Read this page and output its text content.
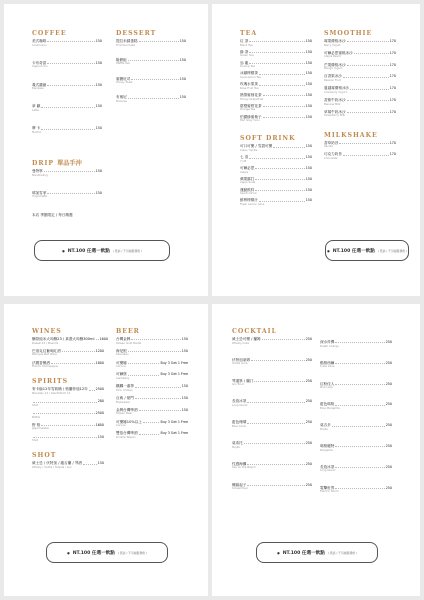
COFFEE
美式咖啡	150
Americano
卡布奇諾	150
Cappuccino
義式濃縮	150
Espresso
拿 鐵	150
Latte
摩 卡	150
Mocha
DRIP 單品手沖
曼特寧	150
Mandheling
耶加雪菲	150
Yirgacheffe
本店 季節限定 / 每日精選
DESSERT
提拉米蘇蛋糕	150
Tiramisu Cake
鬆餅組	150
Waffle Set
蜜糖吐司	150
Honey Toast
布朗尼	150
Brownie
● NT.100 任選一飲點 ( 低消 / 不另收服務費 )
TEA
紅 茶	150
Black Tea
綠 茶	150
Green Tea
烏 龍	150
Oolong Tea
冰鎮檸檬茶	150
Iced Lemon Tea
玫瑰水果茶	150
Rose Fruit Tea
熱情蜜柚花茶	150
Honey Grapefruit
甜橙蜜柑花茶	150
Orange Tea
伯爵蜂蜜柚子	150
Earl Grey Yuzu
SOFT DRINK
可口可樂 / 雪碧可樂	150
Coke / Sprite
七 喜	150
7-UP
可爾必思	150
Calpis
蘋果蘇打	150
Apple Soda
運動飲料	150
Sports Drink
鮮榨檸檬汁	150
Fresh Lemon Juice
SMOOTHIE
莓果優格冰沙	170
Berry Yogurt
可爾必思蜜桃冰沙	170
Calpis Peach
芒果優格冰沙	170
Mango Yogurt
百香果冰沙	170
Passion Fruit
蔓越莓優格冰沙	170
Cranberry Yogurt
香蕉牛奶冰沙	170
Banana Milk
草莓牛奶冰沙	170
Strawberry Milk
MILKSHAKE
香草奶昔	170
Vanilla
巧克力奶昔	170
Chocolate
● NT.100 任選一飲點 ( 低消 / 不另收服務費 )
WINES
獺祭純米大吟醸23 / 真澄大吟醸300ml 1600
Dassai 23 / Masumi
巴洛克紅葡萄紅酒	1200
Baroque Red Wine
法國香檳酒	1800
French Champagne
SPIRITS
麥卡倫12年雪莉桶 / 格蘭菲迪12年 2500
Macallan 12 / Glenfiddich 12
280
Shot
2500
Bottle
野 格	1600
Jagermeister
150
Shot
SHOT
威士忌 / 伏特加 / 龍舌蘭 / 琴酒	150
Whisky / Vodka / Tequila / Gin
BEER
台灣金牌	150
Taiwan Gold Medal
海尼根	150
Heineken
可樂娜	Buy 3 Get 1 Free
Corona
可爾堡	Buy 3 Get 1 Free
Carlsberg
麒麟一番搾	150
Kirin Ichiban
百威 / 豪門	150
Budweiser
金牌台灣啤酒	150
Taiwan Beer
可樂娜10%以上	Buy 3 Get 1 Free
Corona
雙倍台灣啤酒	Buy 3 Get 1 Free
Double Taiwan
● NT.100 任選一飲點 ( 低消 / 不另收服務費 )
COCKTAIL
威士忌可樂 / 蘭姆	250
Whisky Coke
伏特加萊姆	250
Vodka Lime
琴通寧 / 蘭汀	250
Gin Tonic
長島冰茶	250
Long Island
藍色珊瑚	250
Blue Coral
莫希托	250
Mojito
性感海灘	250
Sex on the Beach
螺絲起子	250
Screwdriver
深水炸彈	250
Depth Charge
酷格西爾	250
Cuba Libre
紅粉佳人	250
Pink Lady
藍色瑪格	250
Blue Margarita
莫吉多	250
Mojito
瑪格麗特	250
Margarita
長島冰茶	250
Long Island
電擊世界	250
Electric World
● NT.100 任選一飲點 ( 低消 / 不另收服務費 )
